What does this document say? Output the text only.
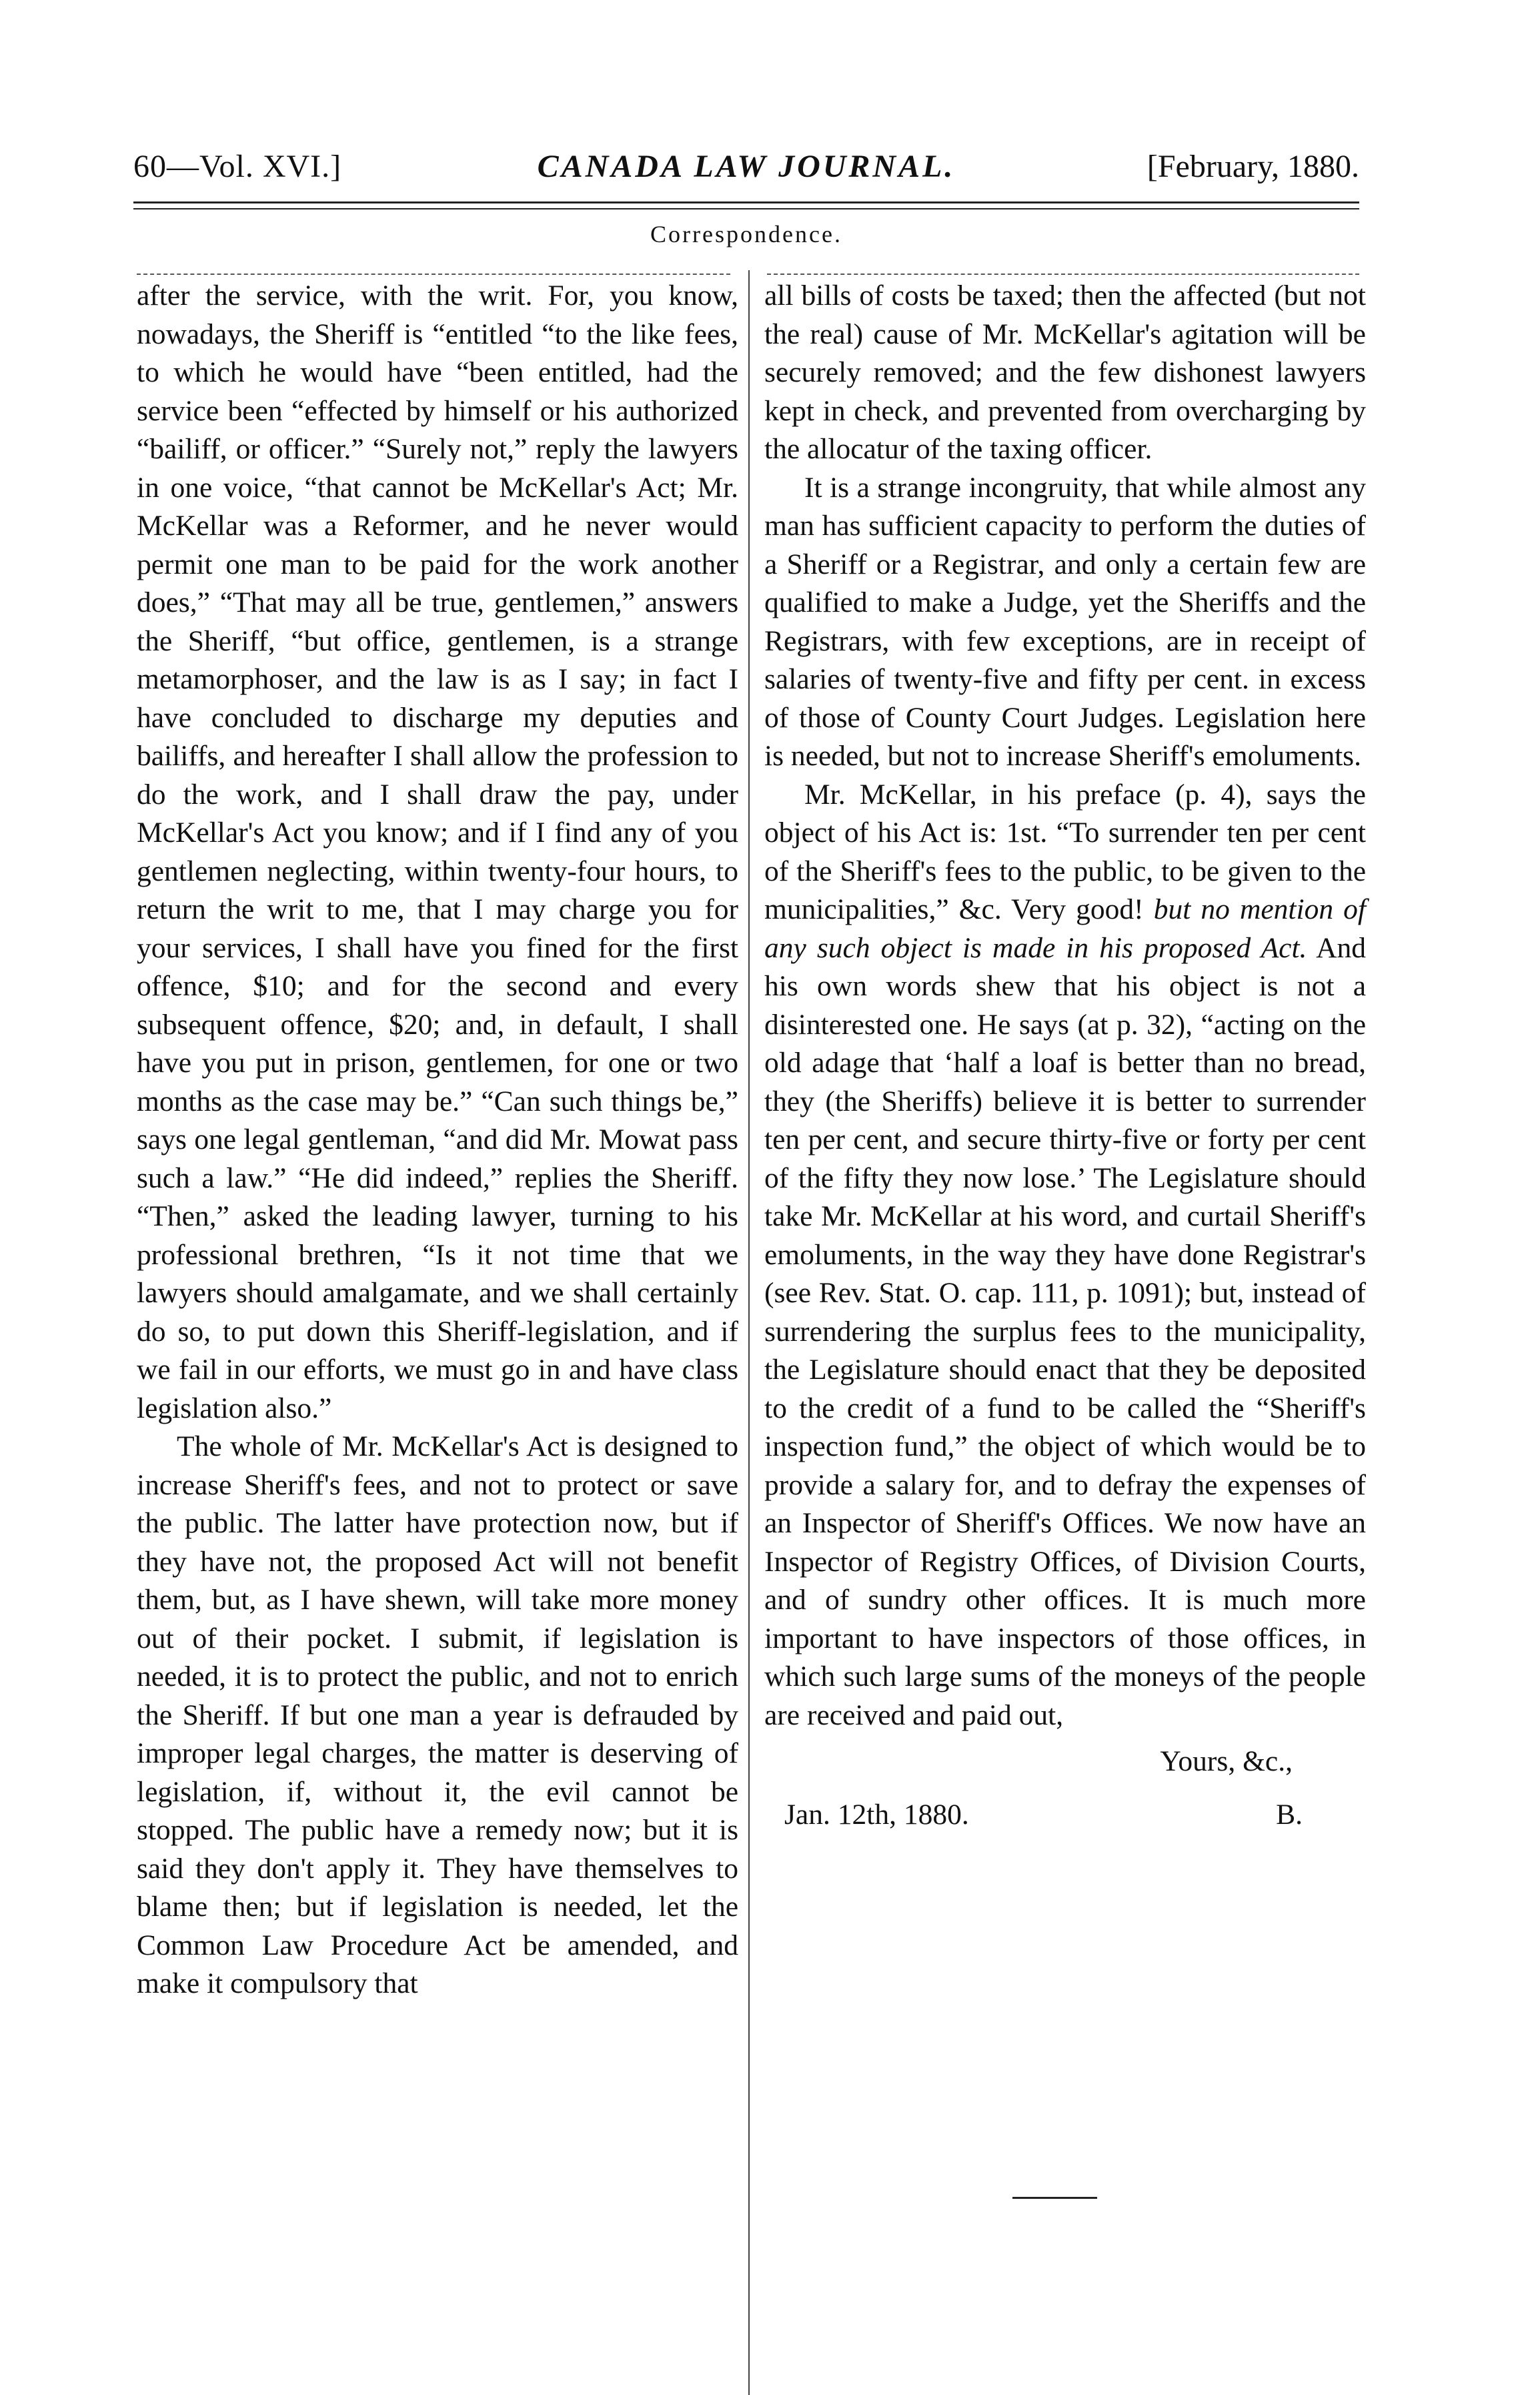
60—Vol. XVI.]	CANADA LAW JOURNAL.	[February, 1880.
Correspondence.

after the service, with the writ. For, you know, nowadays, the Sheriff is “entitled “to the like fees, to which he would have “been entitled, had the service been “effected by himself or his authorized “bailiff, or officer.” “Surely not,” reply the lawyers in one voice, “that cannot be McKellar's Act; Mr. McKellar was a Reformer, and he never would permit one man to be paid for the work another does,” “That may all be true, gentlemen,” answers the Sheriff, “but office, gentlemen, is a strange metamorphoser, and the law is as I say; in fact I have concluded to discharge my deputies and bailiffs, and hereafter I shall allow the profession to do the work, and I shall draw the pay, under McKellar's Act you know; and if I find any of you gentlemen neglecting, within twenty-four hours, to return the writ to me, that I may charge you for your services, I shall have you fined for the first offence, $10; and for the second and every subsequent offence, $20; and, in default, I shall have you put in prison, gentlemen, for one or two months as the case may be.” “Can such things be,” says one legal gentleman, “and did Mr. Mowat pass such a law.” “He did indeed,” replies the Sheriff. “Then,” asked the leading lawyer, turning to his professional brethren, “Is it not time that we lawyers should amalgamate, and we shall certainly do so, to put down this Sheriff-legislation, and if we fail in our efforts, we must go in and have class legislation also.”

The whole of Mr. McKellar's Act is designed to increase Sheriff's fees, and not to protect or save the public. The latter have protection now, but if they have not, the proposed Act will not benefit them, but, as I have shewn, will take more money out of their pocket. I submit, if legislation is needed, it is to protect the public, and not to enrich the Sheriff. If but one man a year is defrauded by improper legal charges, the matter is deserving of legislation, if, without it, the evil cannot be stopped. The public have a remedy now; but it is said they don't apply it. They have themselves to blame then; but if legislation is needed, let the Common Law Procedure Act be amended, and make it compulsory that

all bills of costs be taxed; then the affected (but not the real) cause of Mr. McKellar's agitation will be securely removed; and the few dishonest lawyers kept in check, and prevented from overcharging by the allocatur of the taxing officer.

It is a strange incongruity, that while almost any man has sufficient capacity to perform the duties of a Sheriff or a Registrar, and only a certain few are qualified to make a Judge, yet the Sheriffs and the Registrars, with few exceptions, are in receipt of salaries of twenty-five and fifty per cent. in excess of those of County Court Judges. Legislation here is needed, but not to increase Sheriff's emoluments.

Mr. McKellar, in his preface (p. 4), says the object of his Act is: 1st. “To surrender ten per cent of the Sheriff's fees to the public, to be given to the municipalities,” &c. Very good! but no mention of any such object is made in his proposed Act. And his own words shew that his object is not a disinterested one. He says (at p. 32), “acting on the old adage that ‘half a loaf is better than no bread, they (the Sheriffs) believe it is better to surrender ten per cent, and secure thirty-five or forty per cent of the fifty they now lose.’ The Legislature should take Mr. McKellar at his word, and curtail Sheriff's emoluments, in the way they have done Registrar's (see Rev. Stat. O. cap. 111, p. 1091); but, instead of surrendering the surplus fees to the municipality, the Legislature should enact that they be deposited to the credit of a fund to be called the “Sheriff's inspection fund,” the object of which would be to provide a salary for, and to defray the expenses of an Inspector of Sheriff's Offices. We now have an Inspector of Registry Offices, of Division Courts, and of sundry other offices. It is much more important to have inspectors of those offices, in which such large sums of the moneys of the people are received and paid out,

Yours, &c.,
Jan. 12th, 1880.	B.
